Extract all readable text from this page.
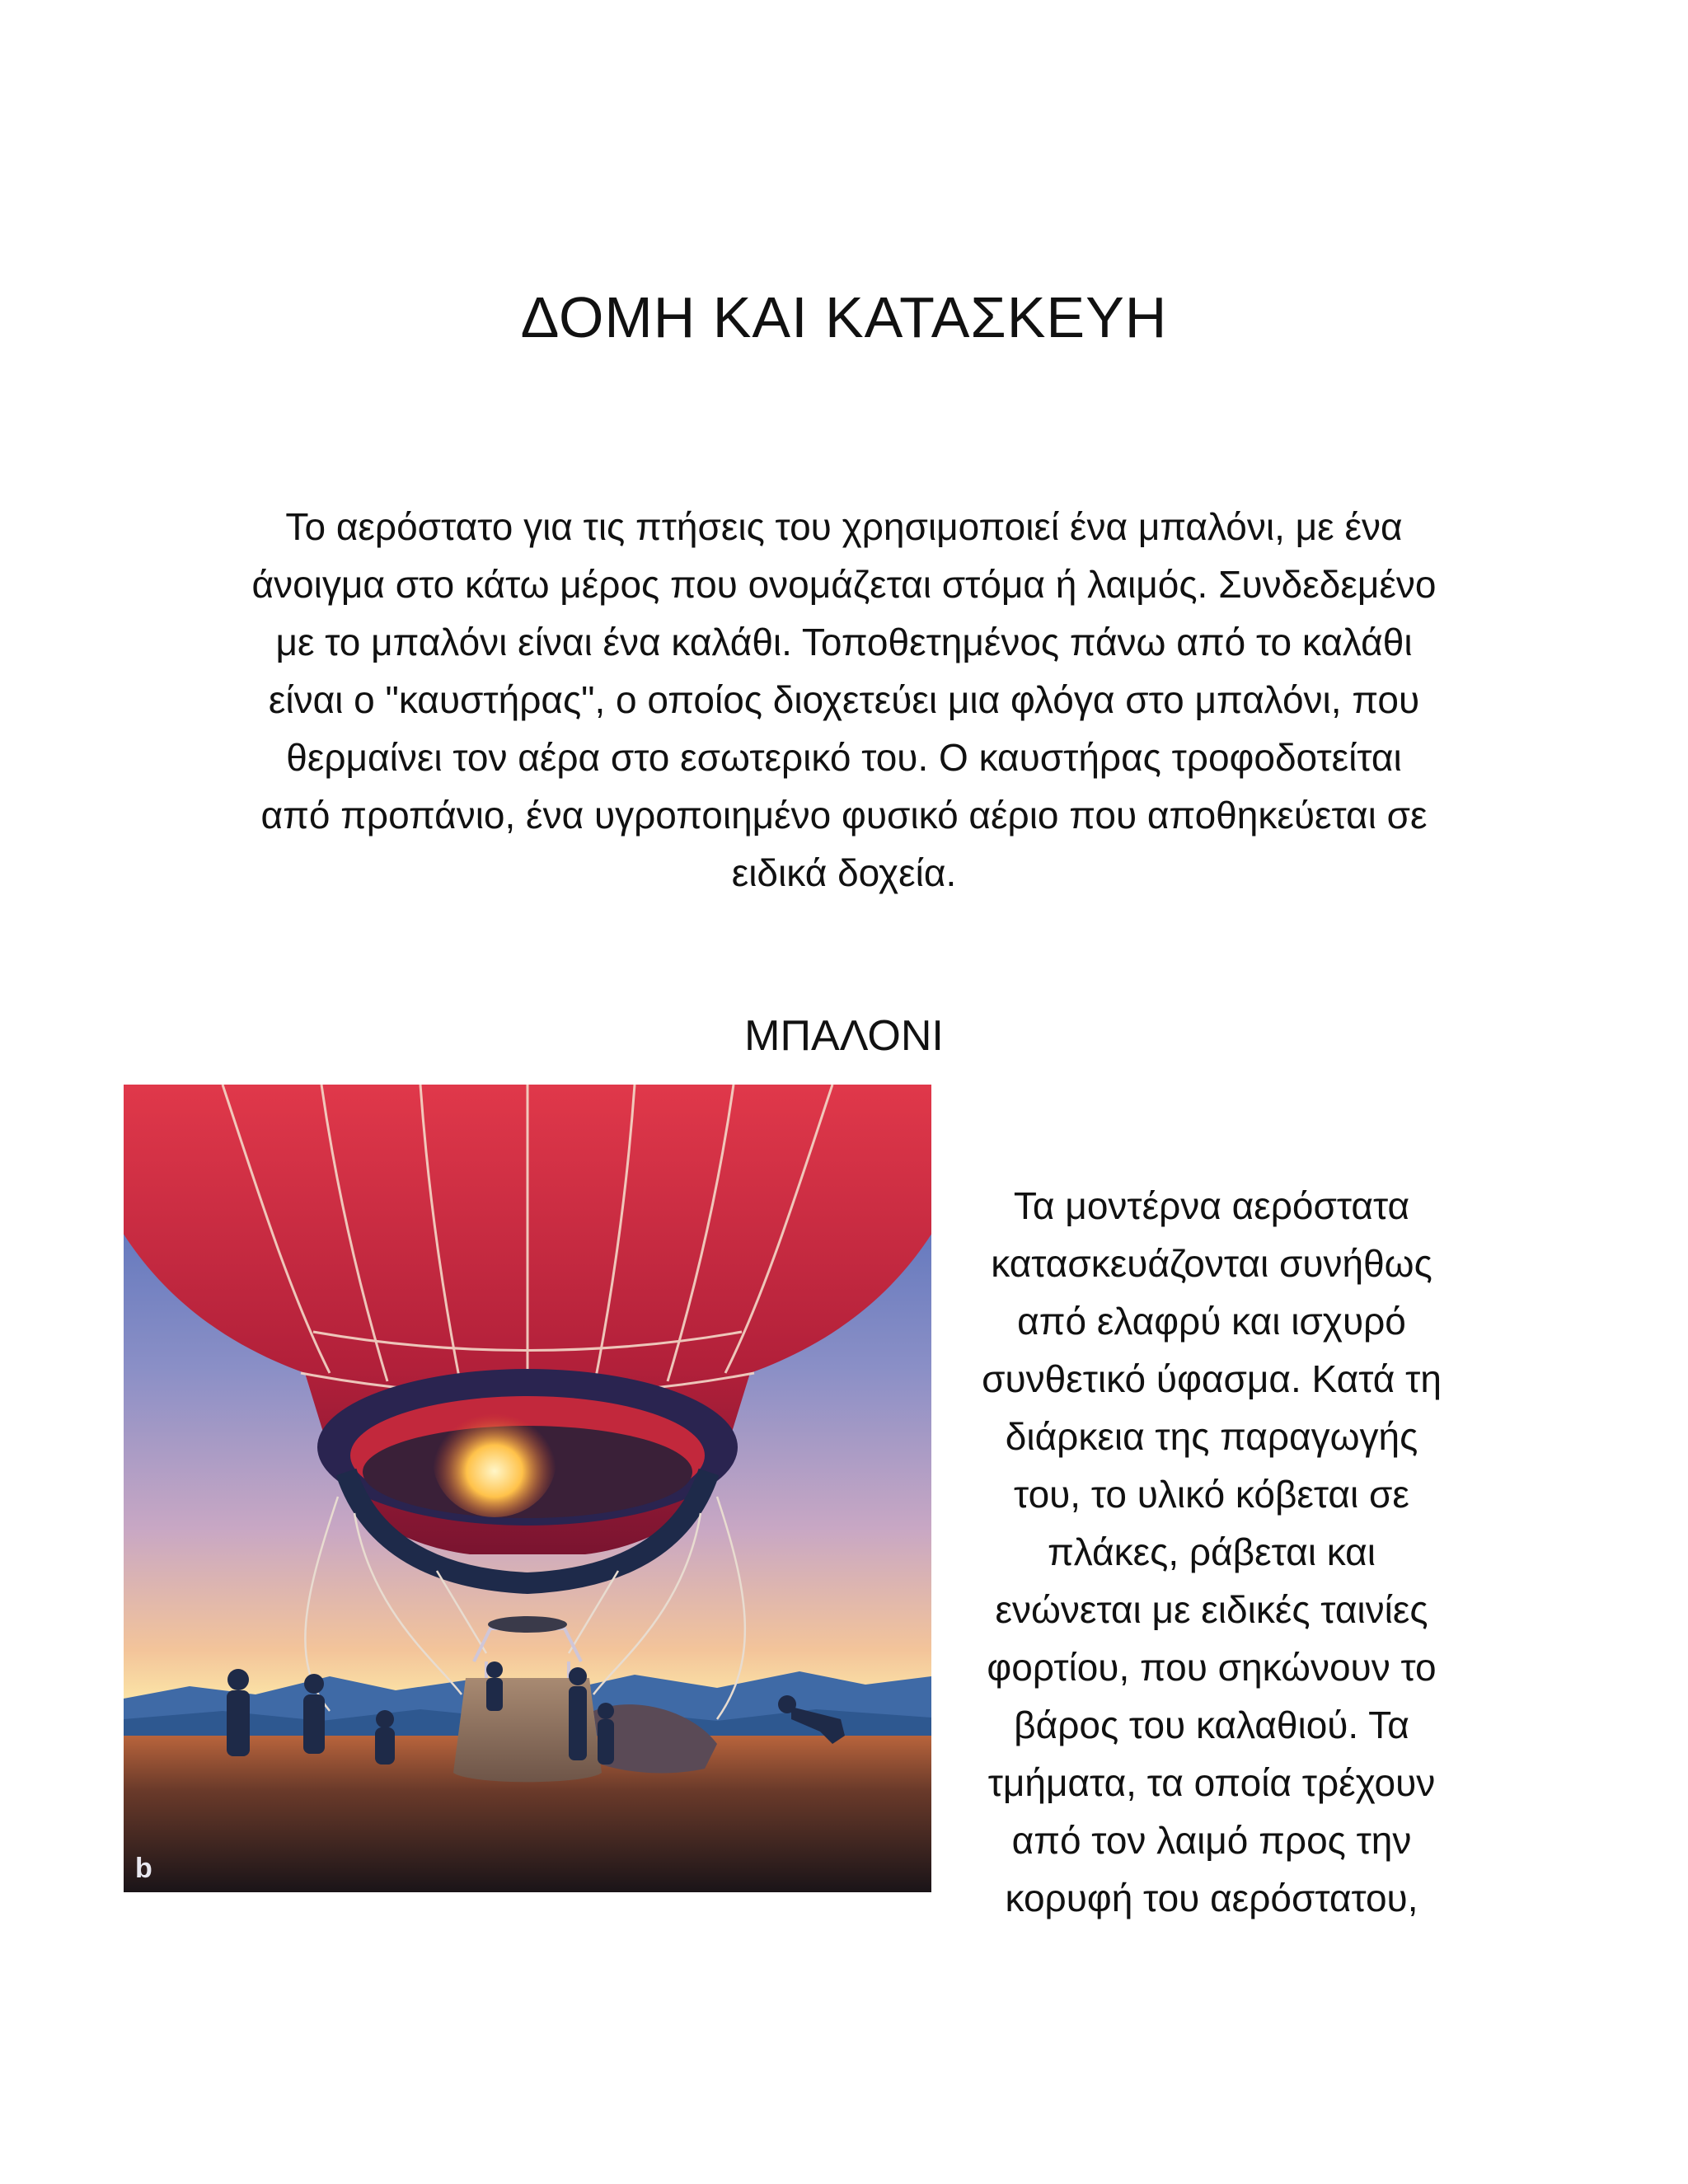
ΔΟΜΗ ΚΑΙ ΚΑΤΑΣΚΕΥΗ

Το αερόστατο για τις πτήσεις του χρησιμοποιεί ένα μπαλόνι, με ένα
άνοιγμα στο κάτω μέρος που ονομάζεται στόμα ή λαιμός. Συνδεδεμένο
με το μπαλόνι είναι ένα καλάθι. Τοποθετημένος πάνω από το καλάθι
είναι ο "καυστήρας", ο οποίος διοχετεύει μια φλόγα στο μπαλόνι, που
θερμαίνει τον αέρα στο εσωτερικό του. Ο καυστήρας τροφοδοτείται
από προπάνιο, ένα υγροποιημένο φυσικό αέριο που αποθηκεύεται σε
ειδικά δοχεία.

ΜΠΑΛΟΝΙ
b

Τα μοντέρνα αερόστατα
κατασκευάζονται συνήθως
από ελαφρύ και ισχυρό
συνθετικό ύφασμα. Κατά τη
διάρκεια της παραγωγής
του, το υλικό κόβεται σε
πλάκες, ράβεται και
ενώνεται με ειδικές ταινίες
φορτίου, που σηκώνουν το
βάρος του καλαθιού. Τα
τμήματα, τα οποία τρέχουν
από τον λαιμό προς την
κορυφή του αερόστατου,
